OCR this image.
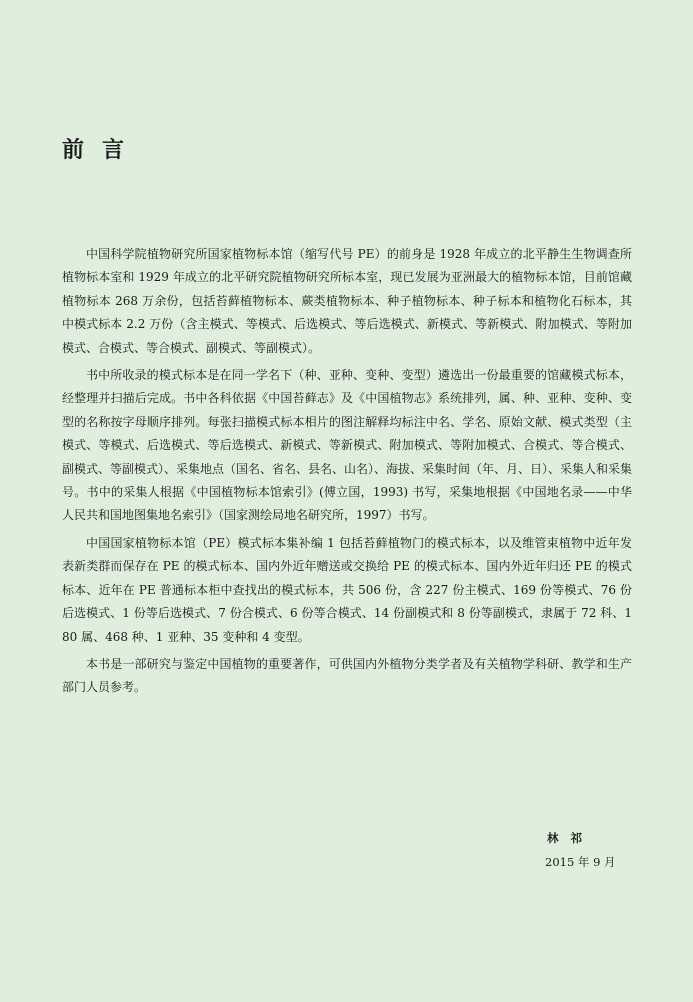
前言

中国科学院植物研究所国家植物标本馆（缩写代号 PE）的前身是 1928 年成立的北平静生生物调查所植物标本室和 1929 年成立的北平研究院植物研究所标本室，现已发展为亚洲最大的植物标本馆，目前馆藏植物标本 268 万余份，包括苔藓植物标本、蕨类植物标本、种子植物标本、种子标本和植物化石标本，其中模式标本 2.2 万份（含主模式、等模式、后选模式、等后选模式、新模式、等新模式、附加模式、等附加模式、合模式、等合模式、副模式、等副模式）。

书中所收录的模式标本是在同一学名下（种、亚种、变种、变型）遴选出一份最重要的馆藏模式标本，经整理并扫描后完成。书中各科依据《中国苔藓志》及《中国植物志》系统排列，属、种、亚种、变种、变型的名称按字母顺序排列。每张扫描模式标本相片的图注解释均标注中名、学名、原始文献、模式类型（主模式、等模式、后选模式、等后选模式、新模式、等新模式、附加模式、等附加模式、合模式、等合模式、副模式、等副模式）、采集地点（国名、省名、县名、山名）、海拔、采集时间（年、月、日）、采集人和采集号。书中的采集人根据《中国植物标本馆索引》(傅立国，1993) 书写，采集地根据《中国地名录——中华人民共和国地图集地名索引》（国家测绘局地名研究所，1997）书写。

中国国家植物标本馆（PE）模式标本集补编 1 包括苔藓植物门的模式标本，以及维管束植物中近年发表新类群而保存在 PE 的模式标本、国内外近年赠送或交换给 PE 的模式标本、国内外近年归还 PE 的模式标本、近年在 PE 普通标本柜中查找出的模式标本，共 506 份，含 227 份主模式、169 份等模式、76 份后选模式、1 份等后选模式、7 份合模式、6 份等合模式、14 份副模式和 8 份等副模式，隶属于 72 科、180 属、468 种、1 亚种、35 变种和 4 变型。

本书是一部研究与鉴定中国植物的重要著作，可供国内外植物分类学者及有关植物学科研、教学和生产部门人员参考。

林祁
2015 年 9 月
